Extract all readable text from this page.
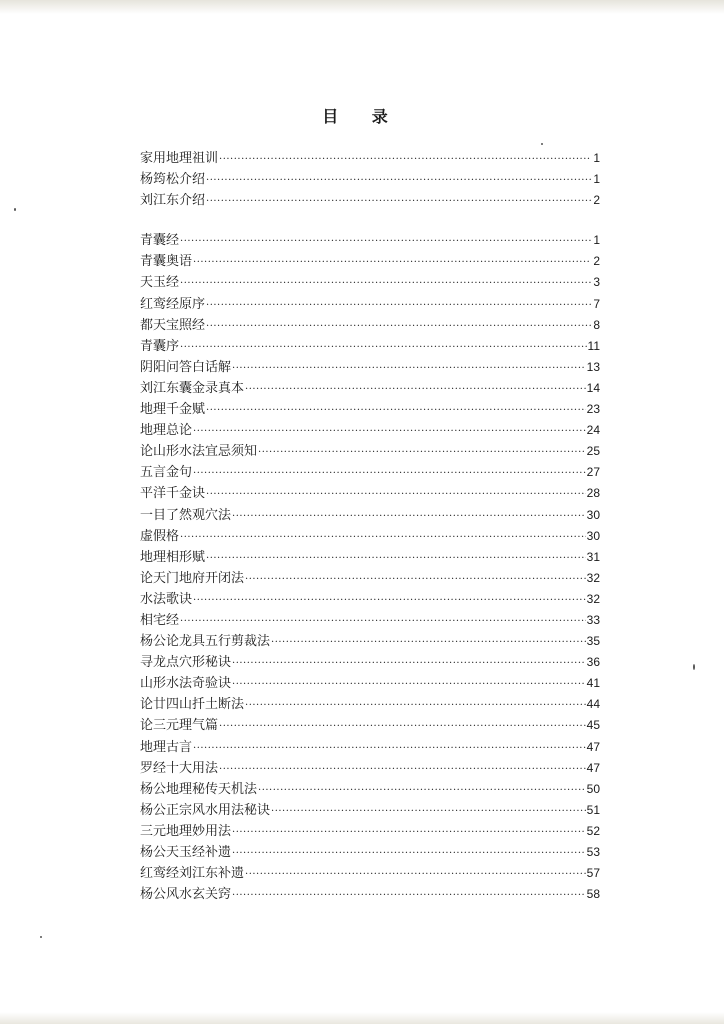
目 录
家用地理祖训 ·····	1
杨筠松介绍 ·····	1
刘江东介绍 ·····	2
青囊经 ·····	1
青囊奥语 ·····	2
天玉经 ·····	3
红鸾经原序 ·····	7
都天宝照经 ·····	8
青囊序 ·····	11
阴阳问答白话解 ·····	13
刘江东囊金录真本 ·····	14
地理千金赋 ·····	23
地理总论 ·····	24
论山形水法宜忌须知 ·····	25
五言金句 ·····	27
平洋千金诀 ·····	28
一目了然观穴法 ·····	30
虚假格 ·····	30
地理相形赋 ·····	31
论天门地府开闭法 ·····	32
水法歌诀 ·····	32
相宅经 ·····	33
杨公论龙具五行剪裁法 ·····	35
寻龙点穴形秘诀 ·····	36
山形水法奇验诀 ·····	41
论廿四山扦土断法 ·····	44
论三元理气篇 ·····	45
地理古言 ·····	47
罗经十大用法 ·····	47
杨公地理秘传天机法 ·····	50
杨公正宗风水用法秘诀 ·····	51
三元地理妙用法 ·····	52
杨公天玉经补遗 ·····	53
红鸾经刘江东补遗 ·····	57
杨公风水玄关窍 ·····	58
